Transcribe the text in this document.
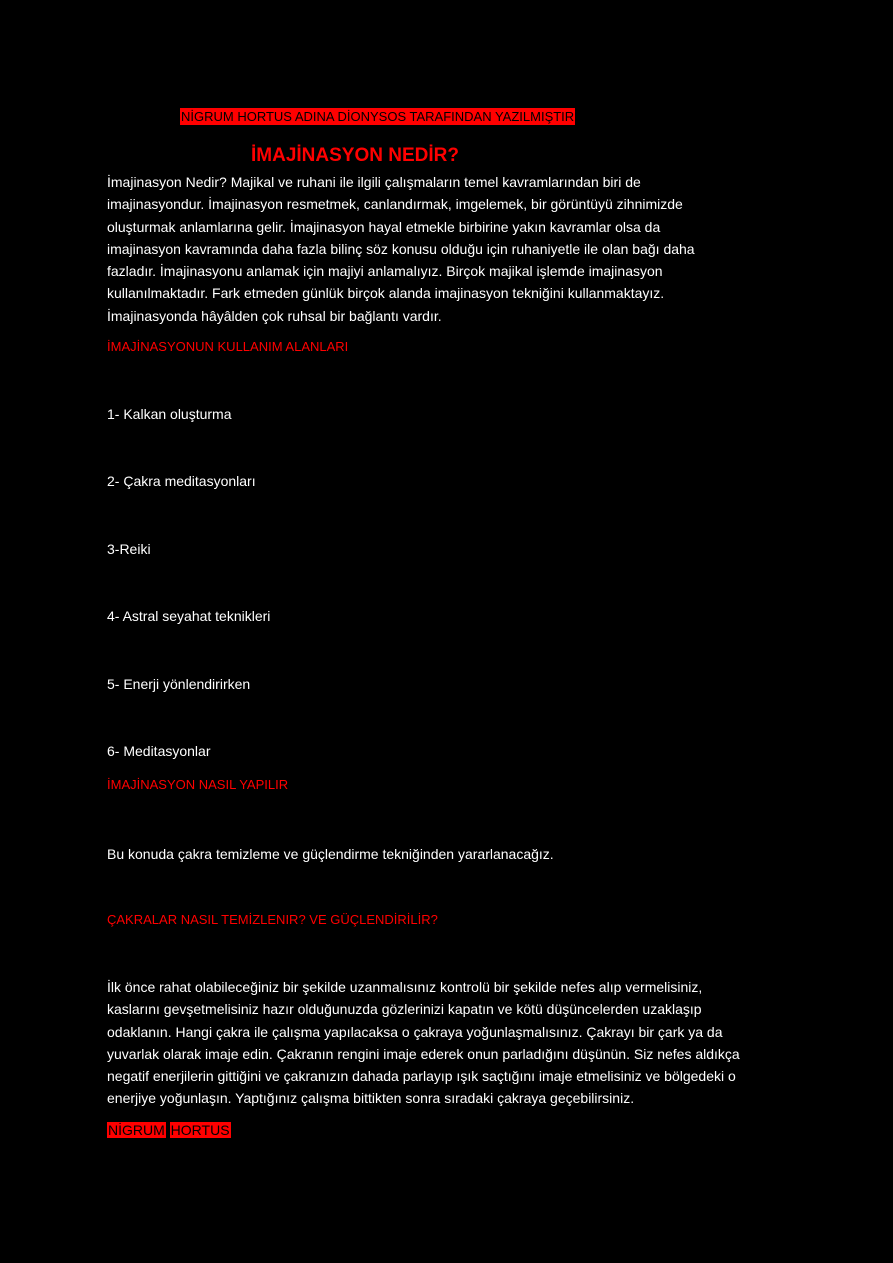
NİGRUM HORTUS ADINA DİONYSOS TARAFINDAN YAZILMIŞTIR
İMAJİNASYON NEDİR?
İmajinasyon Nedir? Majikal ve ruhani ile ilgili çalışmaların temel kavramlarından biri de
imajinasyondur. İmajinasyon resmetmek, canlandırmak, imgelemek, bir görüntüyü zihnimizde
oluşturmak anlamlarına gelir. İmajinasyon hayal etmekle birbirine yakın kavramlar olsa da
imajinasyon kavramında daha fazla bilinç söz konusu olduğu için ruhaniyetle ile olan bağı daha
fazladır. İmajinasyonu anlamak için majiyi anlamalıyız. Birçok majikal işlemde imajinasyon
kullanılmaktadır. Fark etmeden günlük birçok alanda imajinasyon tekniğini kullanmaktayız.
İmajinasyonda hâyâlden çok ruhsal bir bağlantı vardır.
İMAJİNASYONUN KULLANIM ALANLARI
1- Kalkan oluşturma
2- Çakra meditasyonları
3-Reiki
4- Astral seyahat teknikleri
5- Enerji yönlendirirken
6- Meditasyonlar
İMAJİNASYON NASIL YAPILIR
Bu konuda çakra temizleme ve güçlendirme tekniğinden yararlanacağız.
ÇAKRALAR NASIL TEMİZLENIR? VE GÜÇLENDİRİLİR?
İlk önce rahat olabileceğiniz bir şekilde uzanmalısınız kontrolü bir şekilde nefes alıp vermelisiniz,
kaslarını gevşetmelisiniz hazır olduğunuzda gözlerinizi kapatın ve kötü düşüncelerden uzaklaşıp
odaklanın. Hangi çakra ile çalışma yapılacaksa o çakraya yoğunlaşmalısınız. Çakrayı bir çark ya da
yuvarlak olarak imaje edin. Çakranın rengini imaje ederek onun parladığını düşünün. Siz nefes aldıkça
negatif enerjilerin gittiğini ve çakranızın dahada parlayıp ışık saçtığını imaje etmelisiniz ve bölgedeki o
enerjiye yoğunlaşın. Yaptığınız çalışma bittikten sonra sıradaki çakraya geçebilirsiniz.
NİGRUM HORTUS
